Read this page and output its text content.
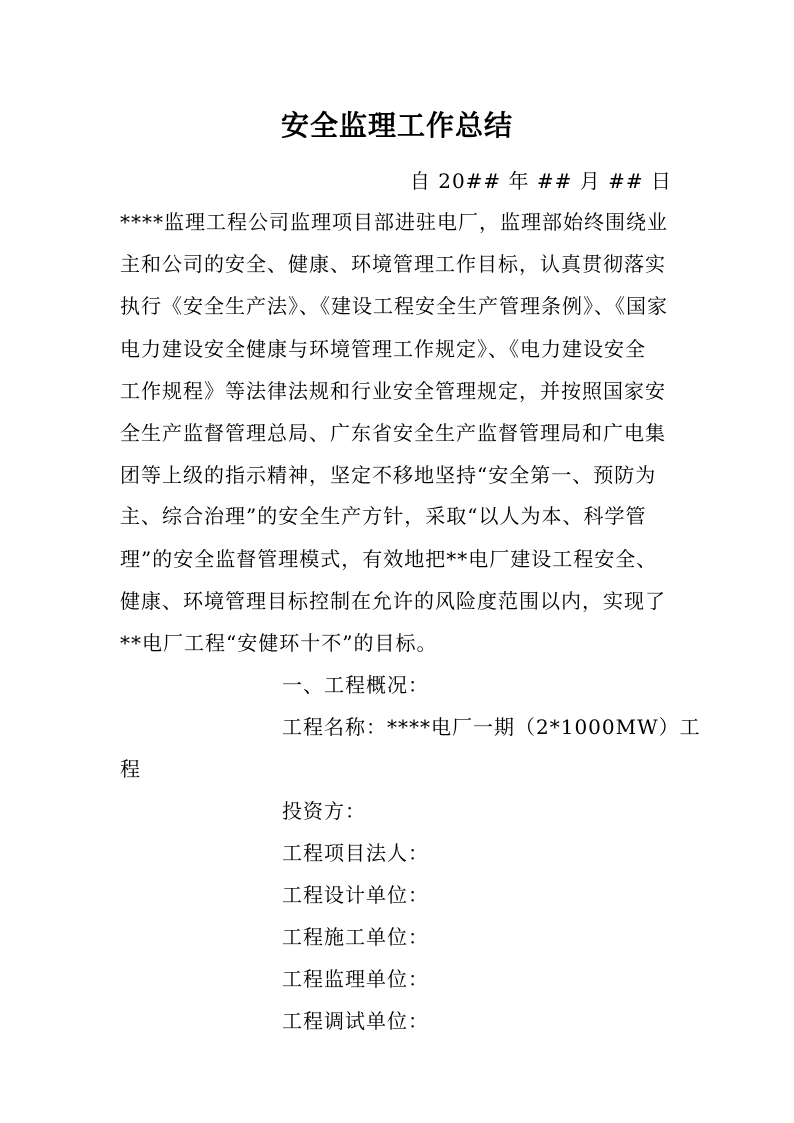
安全监理工作总结
自 20## 年 ## 月 ## 日
****监理工程公司监理项目部进驻电厂，监理部始终围绕业
主和公司的安全、健康、环境管理工作目标，认真贯彻落实
执行《安全生产法》、《建设工程安全生产管理条例》、《国家
电力建设安全健康与环境管理工作规定》、《电力建设安全
工作规程》等法律法规和行业安全管理规定，并按照国家安
全生产监督管理总局、广东省安全生产监督管理局和广电集
团等上级的指示精神，坚定不移地坚持“安全第一、预防为
主、综合治理”的安全生产方针，采取“以人为本、科学管
理”的安全监督管理模式，有效地把**电厂建设工程安全、
健康、环境管理目标控制在允许的风险度范围以内，实现了
**电厂工程“安健环十不”的目标。
一、工程概况：
工程名称：****电厂一期（2*1000MW）工
程
投资方：
工程项目法人：
工程设计单位：
工程施工单位：
工程监理单位：
工程调试单位：
